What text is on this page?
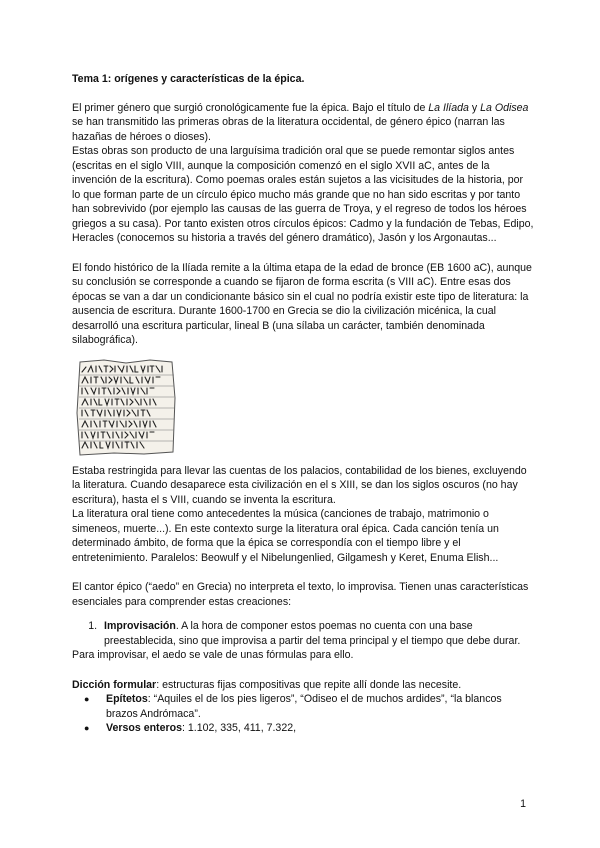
Tema 1: orígenes y características de la épica.

El primer género que surgió cronológicamente fue la épica. Bajo el título de La Ilíada y La Odisea se han transmitido las primeras obras de la literatura occidental, de género épico (narran las hazañas de héroes o dioses).

Estas obras son producto de una larguísima tradición oral que se puede remontar siglos antes (escritas en el siglo VIII, aunque la composición comenzó en el siglo XVII aC, antes de la invención de la escritura). Como poemas orales están sujetos a las vicisitudes de la historia, por lo que forman parte de un círculo épico mucho más grande que no han sido escritas y por tanto han sobrevivido (por ejemplo las causas de las guerra de Troya, y el regreso de todos los héroes griegos a su casa). Por tanto existen otros círculos épicos: Cadmo y la fundación de Tebas, Edipo, Heracles (conocemos su historia a través del género dramático), Jasón y los Argonautas...

El fondo histórico de la Ilíada remite a la última etapa de la edad de bronce (EB 1600 aC), aunque su conclusión se corresponde a cuando se fijaron de forma escrita (s VIII aC). Entre esas dos épocas se van a dar un condicionante básico sin el cual no podría existir este tipo de literatura: la ausencia de escritura. Durante 1600-1700 en Grecia se dio la civilización micénica, la cual desarrolló una escritura particular, lineal B (una sílaba un carácter, también denominada silabográfica).

Estaba restringida para llevar las cuentas de los palacios, contabilidad de los bienes, excluyendo la literatura. Cuando desaparece esta civilización en el s XIII, se dan los siglos oscuros (no hay escritura), hasta el s VIII, cuando se inventa la escritura.

La literatura oral tiene como antecedentes la música (canciones de trabajo, matrimonio o simeneos, muerte...). En este contexto surge la literatura oral épica. Cada canción tenía un determinado ámbito, de forma que la épica se correspondía con el tiempo libre y el entretenimiento. Paralelos: Beowulf y el Nibelungenlied, Gilgamesh y Keret, Enuma Elish...

El cantor épico (“aedo” en Grecia) no interpreta el texto, lo improvisa. Tienen unas características esenciales para comprender estas creaciones:

1. Improvisación. A la hora de componer estos poemas no cuenta con una base preestablecida, sino que improvisa a partir del tema principal y el tiempo que debe durar.

Para improvisar, el aedo se vale de unas fórmulas para ello.

Dicción formular: estructuras fijas compositivas que repite allí donde las necesite.

● Epítetos: “Aquiles el de los pies ligeros”, “Odiseo el de muchos ardides”, “la blancos brazos Andrómaca”.
● Versos enteros: 1.102, 335, 411, 7.322,
1
